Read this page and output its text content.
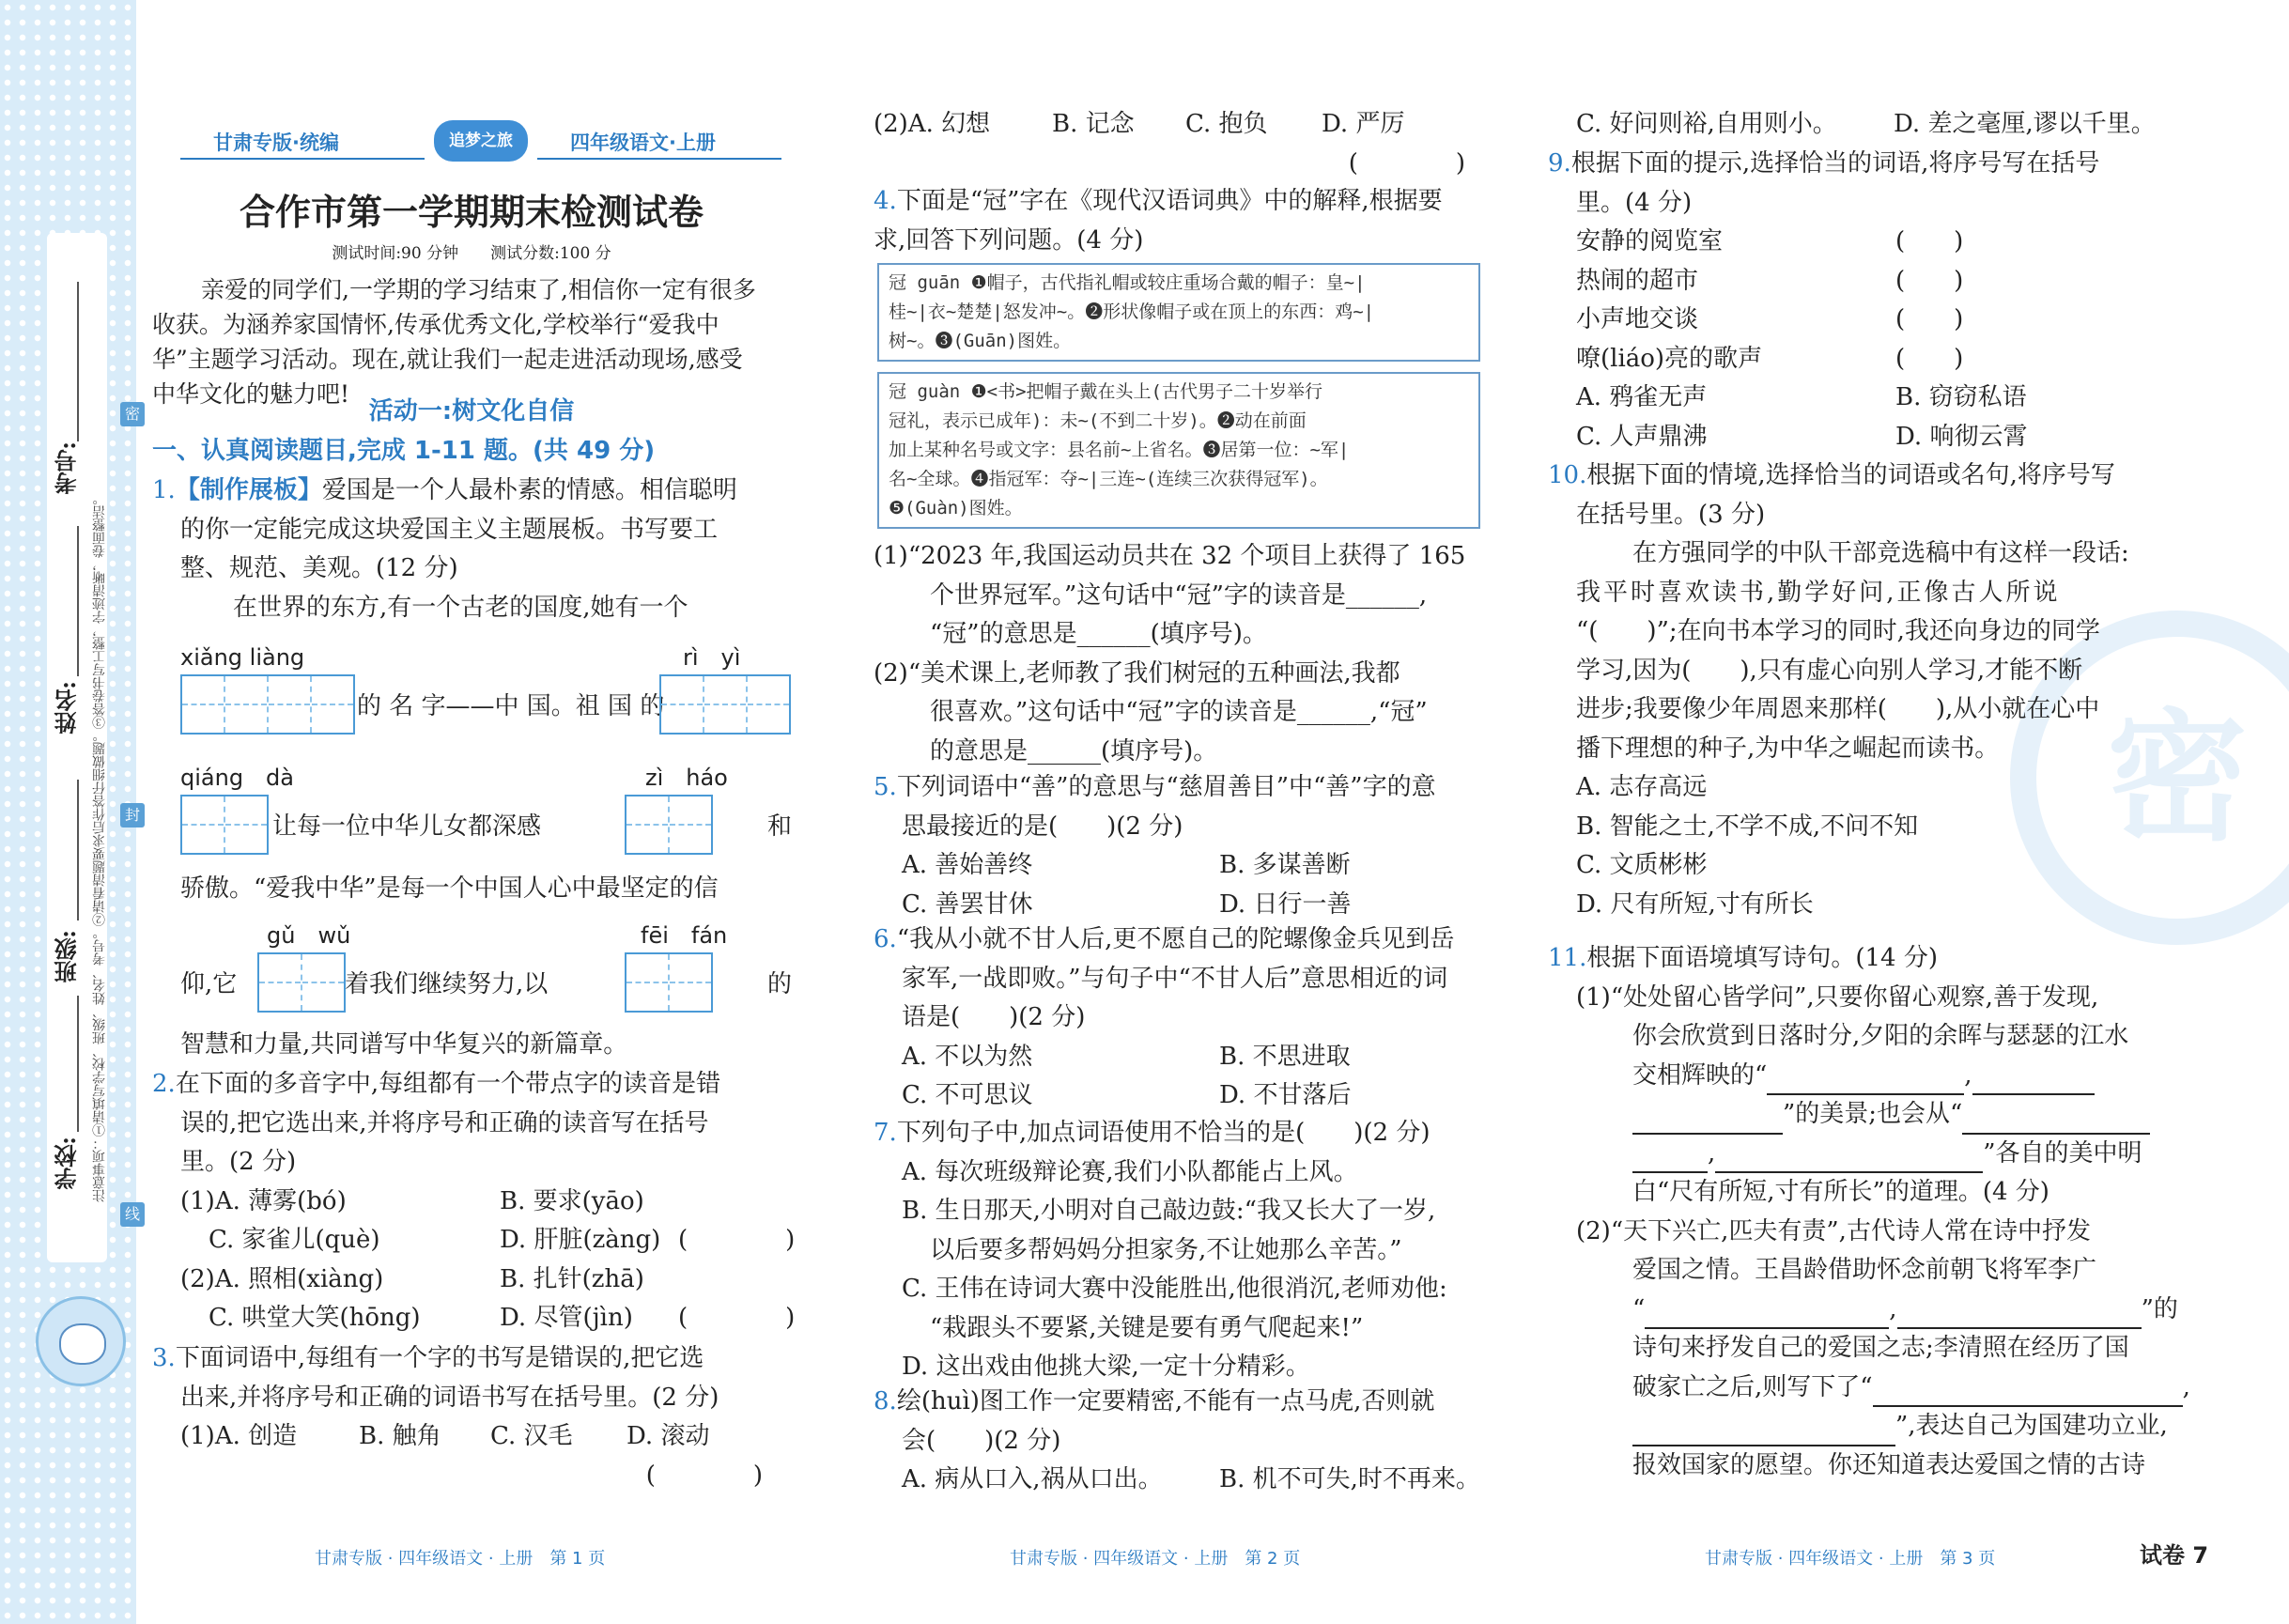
考号:
姓名:
班级:
学校: 注意事项：①请填写学校、班级、姓名、考号。②请看清题要求后作答仔细做题。③答卷书写工整，字迹清晰，卷面整洁。
密
封
线
密
甘肃专版·统编	追梦之旅	四年级语文·上册
合作市第一学期期末检测试卷
测试时间:90 分钟　　测试分数:100 分

亲爱的同学们,一学期的学习结束了,相信你一定有很多

收获。为涵养家国情怀,传承优秀文化,学校举行“爱我中

华”主题学习活动。现在,就让我们一起走进活动现场,感受

中华文化的魅力吧!

活动一:树文化自信
一、认真阅读题目,完成 1-11 题。(共 49 分)

1.【制作展板】爱国是一个人最朴素的情感。相信聪明

的你一定能完成这块爱国主义主题展板。书写要工

整、规范、美观。(12 分)

在世界的东方,有一个古老的国度,她有一个

xiǎng liàng
的 名 字——中 国。祖 国 的
rì　yì
qiáng　dà
让每一位中华儿女都深感
zì　háo
和
骄傲。“爱我中华”是每一个中国人心中最坚定的信
gǔ　wǔ
仰,它	着我们继续努力,以
fēi　fán
的
智慧和力量,共同谱写中华复兴的新篇章。

2.在下面的多音字中,每组都有一个带点字的读音是错

误的,把它选出来,并将序号和正确的读音写在括号

里。(2 分)

(1)A. 薄雾(bó)	B. 要求(yāo)
C. 家雀儿(què)	D. 肝脏(zàng) (　　　　)
(2)A. 照相(xiàng)	B. 扎针(zhā)
C. 哄堂大笑(hōng)	D. 尽管(jìn)	(　　　　)

3.下面词语中,每组有一个字的书写是错误的,把它选

出来,并将序号和正确的词语书写在括号里。(2 分)

(1)A. 创造	B. 触角	C. 汉毛	D. 滚动

(　　　　)

(2)A. 幻想	B. 记念	C. 抱负	D. 严厉

(　　　　)

4.下面是“冠”字在《现代汉语词典》中的解释,根据要

求,回答下列问题。(4 分)

冠 guān ❶帽子，古代指礼帽或较庄重场合戴的帽子：皇~|
桂~|衣~楚楚|怒发冲~。❷形状像帽子或在顶上的东西：鸡~|
树~。❸(Guān)图姓。
冠 guàn ❶<书>把帽子戴在头上(古代男子二十岁举行
冠礼，表示已成年)：未~(不到二十岁)。❷动在前面
加上某种名号或文字：县名前~上省名。❸居第一位：~军|
名~全球。❹指冠军：夺~|三连~(连续三次获得冠军)。
❺(Guàn)图姓。

(1)“2023 年,我国运动员共在 32 个项目上获得了 165

个世界冠军。”这句话中“冠”字的读音是______,

“冠”的意思是______(填序号)。

(2)“美术课上,老师教了我们树冠的五种画法,我都

很喜欢。”这句话中“冠”字的读音是______,“冠”

的意思是______(填序号)。

5.下列词语中“善”的意思与“慈眉善目”中“善”字的意

思最接近的是(　　)(2 分)

A. 善始善终	B. 多谋善断
C. 善罢甘休	D. 日行一善

6.“我从小就不甘人后,更不愿自己的陀螺像金兵见到岳

家军,一战即败。”与句子中“不甘人后”意思相近的词

语是(　　)(2 分)

A. 不以为然	B. 不思进取
C. 不可思议	D. 不甘落后

7.下列句子中,加点词语使用不恰当的是(　　)(2 分)

A. 每次班级辩论赛,我们小队都能占上风。

B. 生日那天,小明对自己敲边鼓:“我又长大了一岁,

以后要多帮妈妈分担家务,不让她那么辛苦。”

C. 王伟在诗词大赛中没能胜出,他很消沉,老师劝他:

“栽跟头不要紧,关键是要有勇气爬起来!”

D. 这出戏由他挑大梁,一定十分精彩。

8.绘(huì)图工作一定要精密,不能有一点马虎,否则就

会(　　)(2 分)

A. 病从口入,祸从口出。	B. 机不可失,时不再来。
C. 好问则裕,自用则小。	D. 差之毫厘,谬以千里。

9.根据下面的提示,选择恰当的词语,将序号写在括号

里。(4 分)

安静的阅览室	(　　)
热闹的超市	(　　)
小声地交谈	(　　)
嘹(liáo)亮的歌声	(　　)
A. 鸦雀无声	B. 窃窃私语
C. 人声鼎沸	D. 响彻云霄

10.根据下面的情境,选择恰当的词语或名句,将序号写

在括号里。(3 分)

在方强同学的中队干部竞选稿中有这样一段话:

我平时喜欢读书,勤学好问,正像古人所说

“(　　)”;在向书本学习的同时,我还向身边的同学

学习,因为(　　),只有虚心向别人学习,才能不断

进步;我要像少年周恩来那样(　　),从小就在心中

播下理想的种子,为中华之崛起而读书。

A. 志存高远

B. 智能之士,不学不成,不问不知

C. 文质彬彬

D. 尺有所短,寸有所长

11.根据下面语境填写诗句。(14 分)

(1)“处处留心皆学问”,只要你留心观察,善于发现,

你会欣赏到日落时分,夕阳的余晖与瑟瑟的江水

交相辉映的“	,

”的美景;也会从“

,	”各自的美中明

白“尺有所短,寸有所长”的道理。(4 分)

(2)“天下兴亡,匹夫有责”,古代诗人常在诗中抒发

爱国之情。王昌龄借助怀念前朝飞将军李广

“	,	”的

诗句来抒发自己的爱国之志;李清照在经历了国

破家亡之后,则写下了“	,

”,表达自己为国建功立业,

报效国家的愿望。你还知道表达爱国之情的古诗

甘肃专版 · 四年级语文 · 上册　第 1 页	甘肃专版 · 四年级语文 · 上册　第 2 页	甘肃专版 · 四年级语文 · 上册　第 3 页	试卷 7
